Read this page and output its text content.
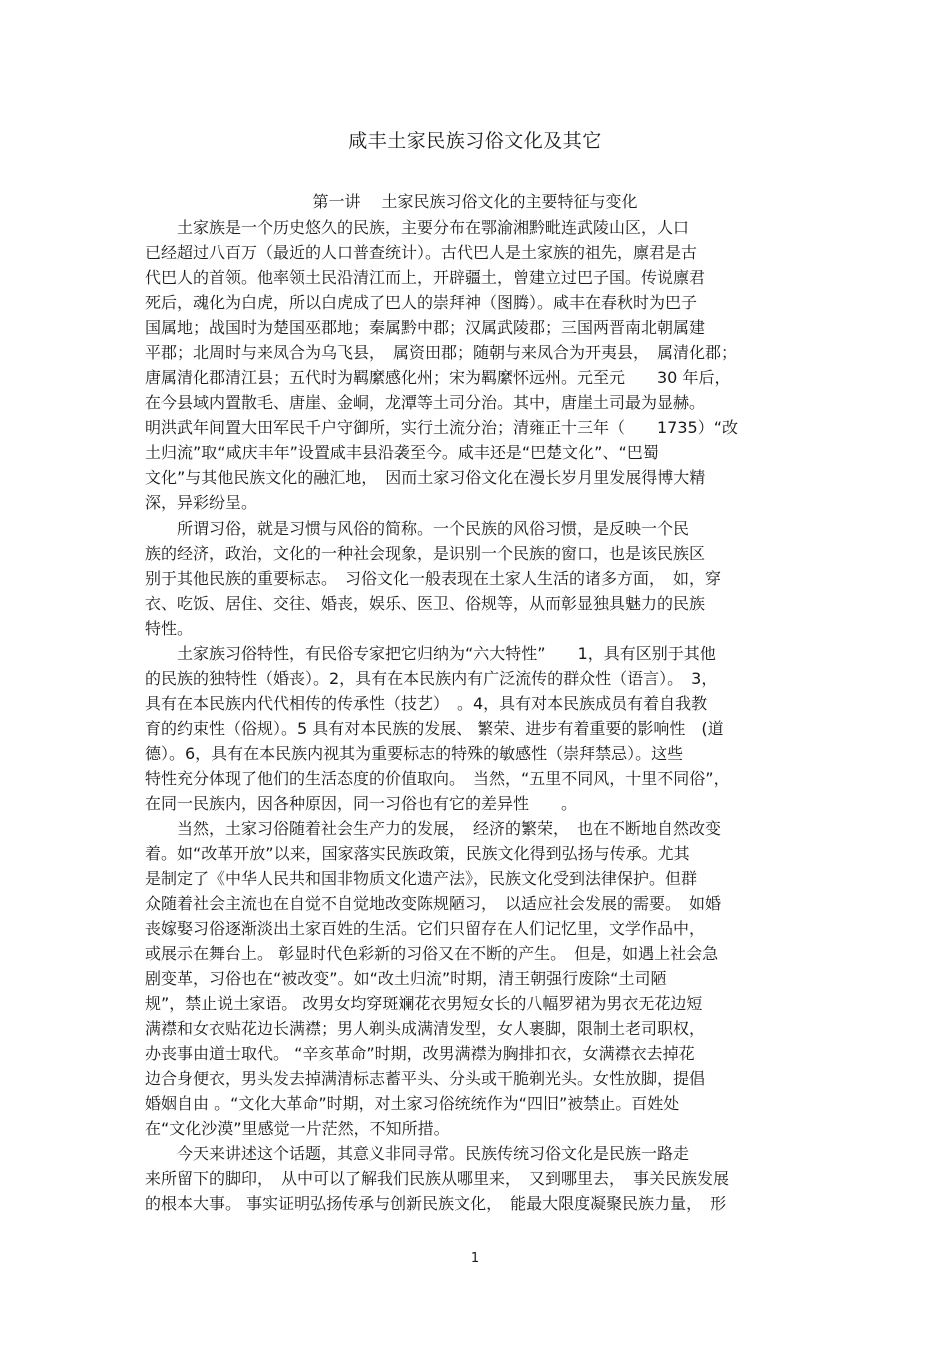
咸丰土家民族习俗文化及其它
第一讲　 土家民族习俗文化的主要特征与变化
　　土家族是一个历史悠久的民族，主要分布在鄂渝湘黔毗连武陵山区，人口
已经超过八百万（最近的人口普查统计）。古代巴人是土家族的祖先，廪君是古
代巴人的首领。他率领土民沿清江而上，开辟疆土，曾建立过巴子国。传说廪君
死后，魂化为白虎，所以白虎成了巴人的崇拜神（图腾）。咸丰在春秋时为巴子
国属地；战国时为楚国巫郡地；秦属黔中郡；汉属武陵郡；三国两晋南北朝属建
平郡；北周时与来凤合为乌飞县，　属资田郡；随朝与来凤合为开夷县，　属清化郡；
唐属清化郡清江县；五代时为羁縻感化州；宋为羁縻怀远州。元至元　　30 年后，
在今县域内置散毛、唐崖、金峒，龙潭等土司分治。其中，唐崖土司最为显赫。
明洪武年间置大田军民千户守御所，实行土流分治；清雍正十三年（　　1735）“改
土归流”取“咸庆丰年”设置咸丰县沿袭至今。咸丰还是“巴楚文化”、“巴蜀
文化”与其他民族文化的融汇地，　因而土家习俗文化在漫长岁月里发展得博大精
深，异彩纷呈。
　　所谓习俗，就是习惯与风俗的简称。一个民族的风俗习惯，是反映一个民
族的经济，政治，文化的一种社会现象，是识别一个民族的窗口，也是该民族区
别于其他民族的重要标志。　习俗文化一般表现在土家人生活的诸多方面，　如，穿
衣、吃饭、居住、交往、婚丧，娱乐、医卫、俗规等，从而彰显独具魅力的民族
特性。
　　土家族习俗特性，有民俗专家把它归纳为“六大特性”　　1，具有区别于其他
的民族的独特性（婚丧）。2，具有在本民族内有广泛流传的群众性（语言）。　3，
具有在本民族内代代相传的传承性（技艺）　。4，具有对本民族成员有着自我教
育的约束性（俗规）。5 具有对本民族的发展、 繁荣、进步有着重要的影响性　(道
德）。6，具有在本民族内视其为重要标志的特殊的敏感性（崇拜禁忌）。这些
特性充分体现了他们的生活态度的价值取向。　当然，“五里不同风，十里不同俗”，
在同一民族内，因各种原因，同一习俗也有它的差异性　　。
　　当然，土家习俗随着社会生产力的发展，　经济的繁荣，　也在不断地自然改变
着。如“改革开放”以来，国家落实民族政策，民族文化得到弘扬与传承。尤其
是制定了《中华人民共和国非物质文化遗产法》，民族文化受到法律保护。但群
众随着社会主流也在自觉不自觉地改变陈规陋习，　以适应社会发展的需要。　如婚
丧嫁娶习俗逐渐淡出土家百姓的生活。它们只留存在人们记忆里，文学作品中，
或展示在舞台上。 彰显时代色彩新的习俗又在不断的产生。　但是，如遇上社会急
剧变革，习俗也在“被改变”。如“改土归流”时期，清王朝强行废除“土司陋
规”，禁止说土家语。 改男女均穿斑斓花衣男短女长的八幅罗裙为男衣无花边短
满襟和女衣贴花边长满襟；男人剃头成满清发型，女人裹脚，限制土老司职权，
办丧事由道士取代。 “辛亥革命”时期，改男满襟为胸排扣衣，女满襟衣去掉花
边合身便衣，男头发去掉满清标志蓄平头、分头或干脆剃光头。女性放脚，提倡
婚姻自由 。“文化大革命”时期，对土家习俗统统作为“四旧”被禁止。百姓处
在“文化沙漠”里感觉一片茫然，不知所措。
　　今天来讲述这个话题，其意义非同寻常。民族传统习俗文化是民族一路走
来所留下的脚印，　从中可以了解我们民族从哪里来，　又到哪里去，　事关民族发展
的根本大事。 事实证明弘扬传承与创新民族文化，　能最大限度凝聚民族力量，　形
1
